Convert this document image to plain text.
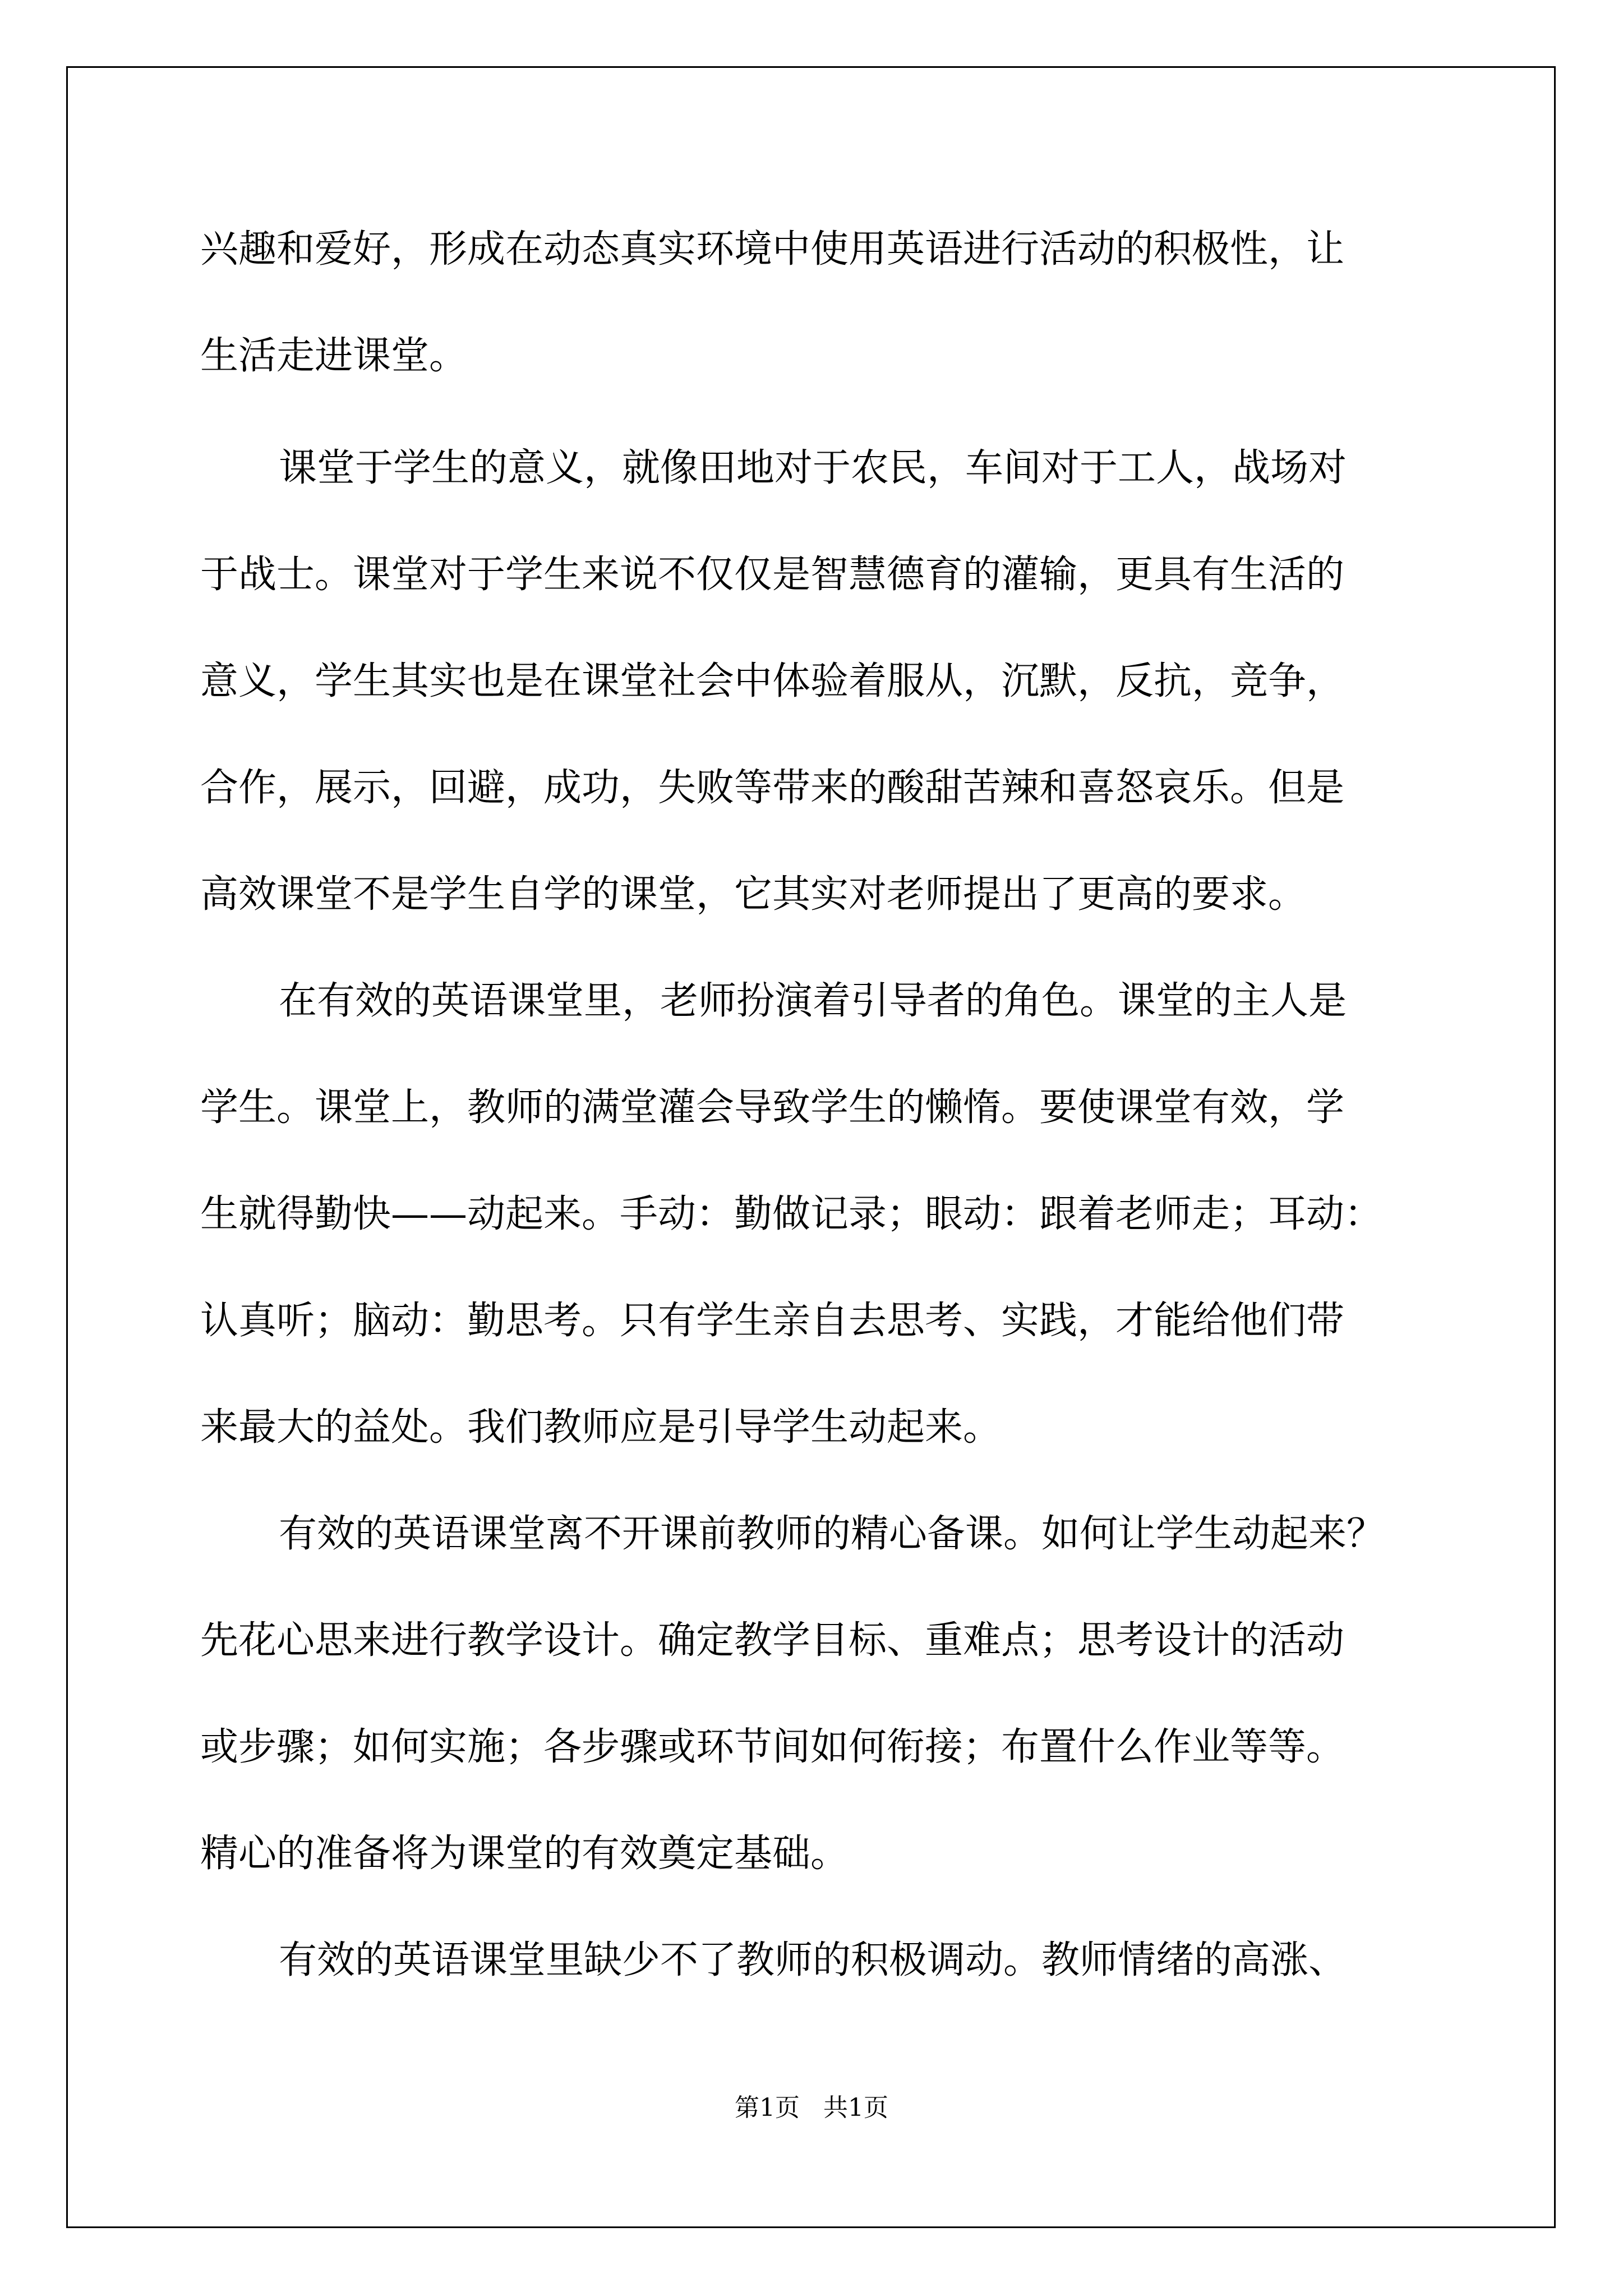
兴趣和爱好，形成在动态真实环境中使用英语进行活动的积极性，让
生活走进课堂。
课堂于学生的意义，就像田地对于农民，车间对于工人，战场对
于战士。课堂对于学生来说不仅仅是智慧德育的灌输，更具有生活的
意义，学生其实也是在课堂社会中体验着服从，沉默，反抗，竞争，
合作，展示，回避，成功，失败等带来的酸甜苦辣和喜怒哀乐。但是
高效课堂不是学生自学的课堂，它其实对老师提出了更高的要求。
在有效的英语课堂里，老师扮演着引导者的角色。课堂的主人是
学生。课堂上，教师的满堂灌会导致学生的懒惰。要使课堂有效，学
生就得勤快——动起来。手动：勤做记录；眼动：跟着老师走；耳动：
认真听；脑动：勤思考。只有学生亲自去思考、实践，才能给他们带
来最大的益处。我们教师应是引导学生动起来。
有效的英语课堂离不开课前教师的精心备课。如何让学生动起来？
先花心思来进行教学设计。确定教学目标、重难点；思考设计的活动
或步骤；如何实施；各步骤或环节间如何衔接；布置什么作业等等。
精心的准备将为课堂的有效奠定基础。
有效的英语课堂里缺少不了教师的积极调动。教师情绪的高涨、
第1页   共1页
